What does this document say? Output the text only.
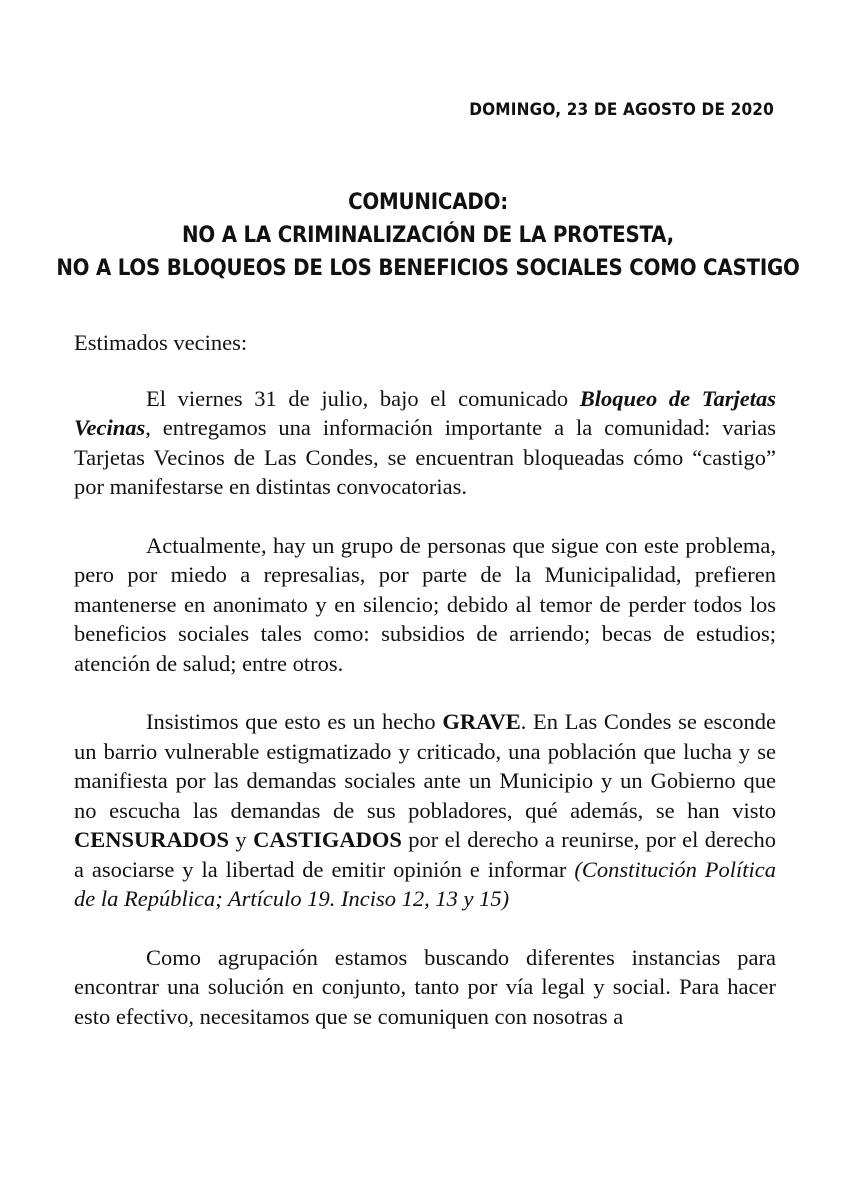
DOMINGO, 23 DE AGOSTO DE 2020
COMUNICADO:
NO A LA CRIMINALIZACIÓN DE LA PROTESTA,
NO A LOS BLOQUEOS DE LOS BENEFICIOS SOCIALES COMO CASTIGO

Estimados vecines:

El viernes 31 de julio, bajo el comunicado Bloqueo de Tarjetas Vecinas, entregamos una información importante a la comunidad: varias Tarjetas Vecinos de Las Condes, se encuentran bloqueadas cómo “castigo” por manifestarse en distintas convocatorias.

Actualmente, hay un grupo de personas que sigue con este problema, pero por miedo a represalias, por parte de la Municipalidad, prefieren mantenerse en anonimato y en silencio; debido al temor de perder todos los beneficios sociales tales como: subsidios de arriendo; becas de estudios; atención de salud; entre otros.

Insistimos que esto es un hecho GRAVE. En Las Condes se esconde un barrio vulnerable estigmatizado y criticado, una población que lucha y se manifiesta por las demandas sociales ante un Municipio y un Gobierno que no escucha las demandas de sus pobladores, qué además, se han visto CENSURADOS y CASTIGADOS por el derecho a reunirse, por el derecho a asociarse y la libertad de emitir opinión e informar (Constitución Política de la República; Artículo 19. Inciso 12, 13 y 15)

Como agrupación estamos buscando diferentes instancias para encontrar una solución en conjunto, tanto por vía legal y social. Para hacer esto efectivo, necesitamos que se comuniquen con nosotras a
